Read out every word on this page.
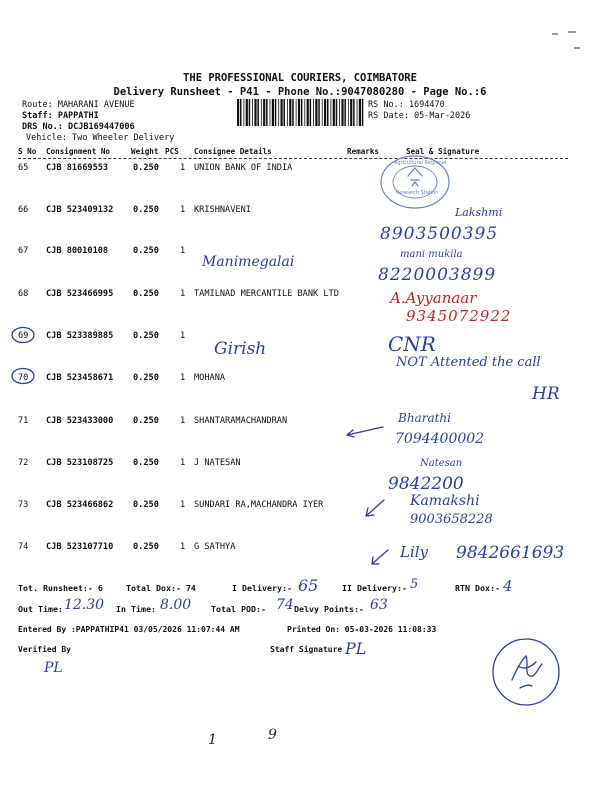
THE PROFESSIONAL COURIERS, COIMBATORE
Delivery Runsheet - P41 - Phone No.:9047080280 - Page No.:6
Route: MAHARANI AVENUE
Staff: PAPPATHI
DRS No.: DCJB169447006
Vehicle: Two Wheeler Delivery
RS No.: 1694470
RS Date: 05-Mar-2026
S No Consignment No	Weight PCS Consignee Details	Remarks	Seal & Signature
65 CJB 81669553	0.250 1 UNION BANK OF INDIA
66 CJB 523409132 0.250 1 KRISHNAVENI
67 CJB 80010108	0.250 1
68 CJB 523466995 0.250 1 TAMILNAD MERCANTILE BANK LTD
69 CJB 523389885 0.250 1
70 CJB 523458671 0.250 1 MOHANA
71 CJB 523433000 0.250 1 SHANTARAMACHANDRAN
72 CJB 523108725 0.250 1 J NATESAN
73 CJB 523466862 0.250 1 SUNDARI RA,MACHANDRA IYER
74 CJB 523107710 0.250 1 G SATHYA
Agricultural Regional
Research Station
Lakshmi
8903500395
Manimegalai	mani mukila
8220003899
A.Ayyanaar
9345072922
Girish	CNR
NOT Attented the call
HR
Bharathi
7094400002
Natesan
9842200
Kamakshi
9003658228
Lily 9842661693
Tot. Runsheet:- 6	Total Dox:- 74	I Delivery:- 65	II Delivery:- 5	RTN Dox:- 4
Out Time: 12.30 In Time: 8.00 Total POD:- 74 Delvy Points:- 63
Entered By :PAPPATHIP41 03/05/2026 11:07:44 AM	Printed On: 05-03-2026 11:08:33
Verified By	Staff Signature PL
PL
1	9
